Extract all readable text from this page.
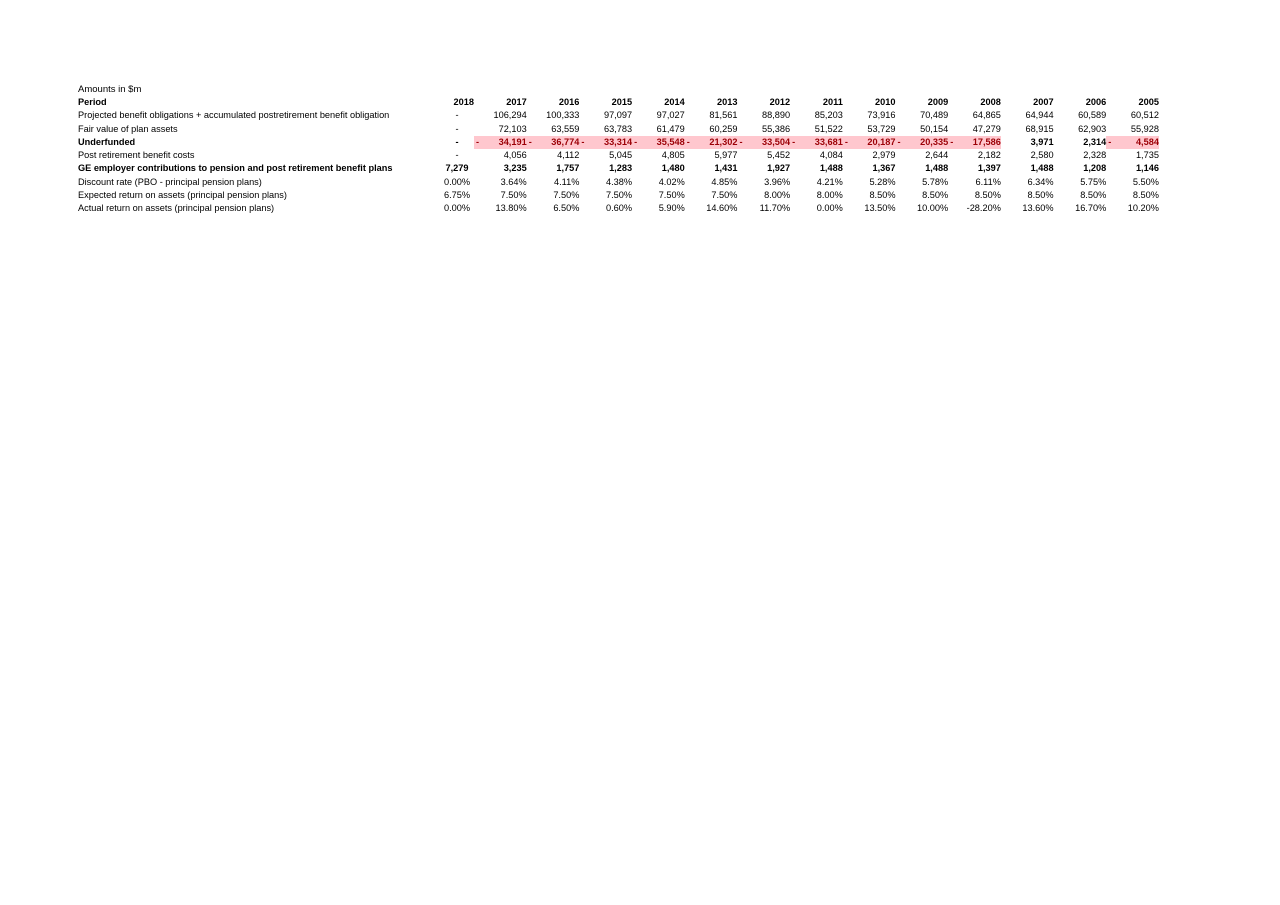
Amounts in $m
Period	2018	2017	2016	2015	2014	2013	2012	2011	2010	2009	2008	2007	2006	2005
Projected benefit obligations + accumulated postretirement benefit obligation	-	106,294	100,333	97,097	97,027	81,561	88,890	85,203	73,916	70,489	64,865	64,944	60,589	60,512
Fair value of plan assets	-	72,103	63,559	63,783	61,479	60,259	55,386	51,522	53,729	50,154	47,279	68,915	62,903	55,928
Underfunded	-	- 34,191	- 36,774	- 33,314	- 35,548	- 21,302	- 33,504	- 33,681	- 20,187	- 20,335	- 17,586	3,971	2,314	- 4,584
Post retirement benefit costs	-	4,056	4,112	5,045	4,805	5,977	5,452	4,084	2,979	2,644	2,182	2,580	2,328	1,735
GE employer contributions to pension and post retirement benefit plans	7,279	3,235	1,757	1,283	1,480	1,431	1,927	1,488	1,367	1,488	1,397	1,488	1,208	1,146
Discount rate (PBO - principal pension plans)	0.00%	3.64%	4.11%	4.38%	4.02%	4.85%	3.96%	4.21%	5.28%	5.78%	6.11%	6.34%	5.75%	5.50%
Expected return on assets (principal pension plans)	6.75%	7.50%	7.50%	7.50%	7.50%	7.50%	8.00%	8.00%	8.50%	8.50%	8.50%	8.50%	8.50%	8.50%
Actual return on assets (principal pension plans)	0.00%	13.80%	6.50%	0.60%	5.90%	14.60%	11.70%	0.00%	13.50%	10.00%	-28.20%	13.60%	16.70%	10.20%
